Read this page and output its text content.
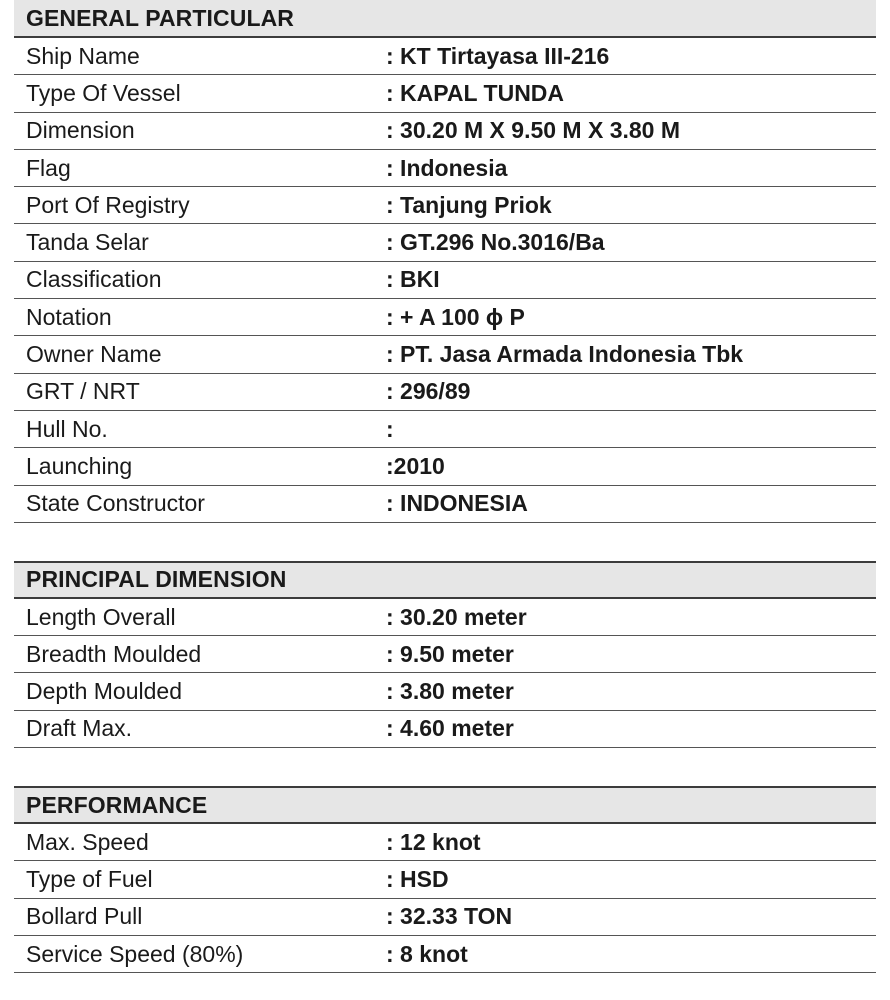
GENERAL PARTICULAR
Ship Name	: KT Tirtayasa III-216
Type Of Vessel	: KAPAL TUNDA
Dimension	: 30.20 M X 9.50 M X 3.80 M
Flag	: Indonesia
Port Of Registry	: Tanjung Priok
Tanda Selar	: GT.296 No.3016/Ba
Classification	: BKI
Notation	: + A 100 ɸ P
Owner Name	: PT. Jasa Armada Indonesia Tbk
GRT / NRT	: 296/89
Hull No.	:
Launching	:2010
State Constructor	: INDONESIA
PRINCIPAL DIMENSION
Length Overall	: 30.20 meter
Breadth Moulded	: 9.50 meter
Depth Moulded	: 3.80 meter
Draft Max.	: 4.60 meter
PERFORMANCE
Max. Speed	: 12 knot
Type of Fuel	: HSD
Bollard Pull	: 32.33 TON
Service Speed (80%)	: 8 knot
